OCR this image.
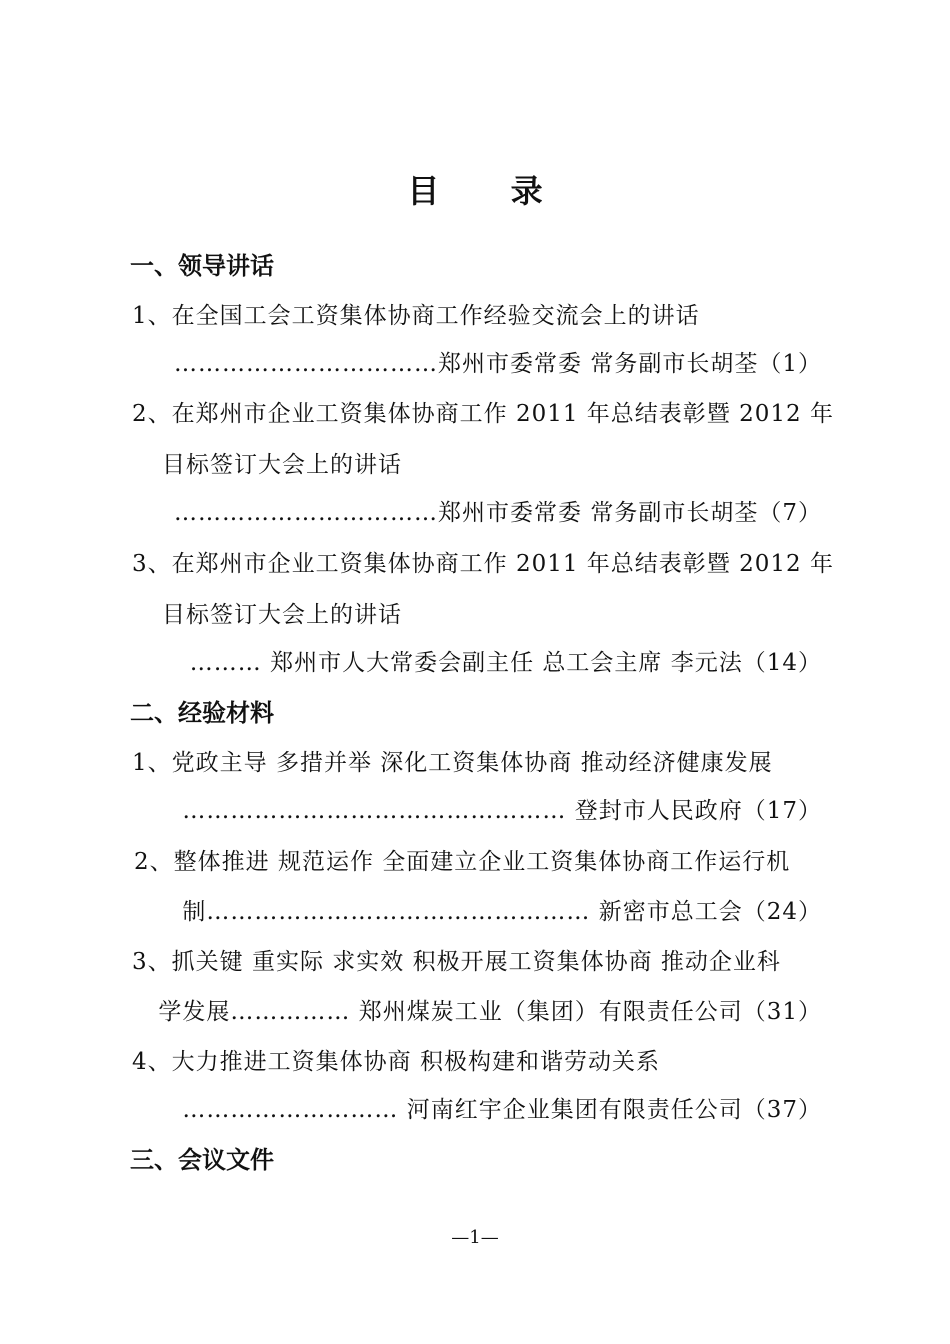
目 录
一、领导讲话
1、在全国工会工资集体协商工作经验交流会上的讲话
……………………………郑州市委常委 常务副市长胡荃（1）
2、在郑州市企业工资集体协商工作 2011 年总结表彰暨 2012 年
目标签订大会上的讲话
……………………………郑州市委常委 常务副市长胡荃（7）
3、在郑州市企业工资集体协商工作 2011 年总结表彰暨 2012 年
目标签订大会上的讲话
……… 郑州市人大常委会副主任 总工会主席 李元法（14）
二、经验材料
1、党政主导 多措并举 深化工资集体协商 推动经济健康发展
………………………………………… 登封市人民政府（17）
2、整体推进 规范运作 全面建立企业工资集体协商工作运行机
制………………………………………… 新密市总工会（24）
3、抓关键 重实际 求实效 积极开展工资集体协商 推动企业科
学发展…………… 郑州煤炭工业（集团）有限责任公司（31）
4、大力推进工资集体协商 积极构建和谐劳动关系
……………………… 河南红宇企业集团有限责任公司（37）
三、会议文件
—1—
